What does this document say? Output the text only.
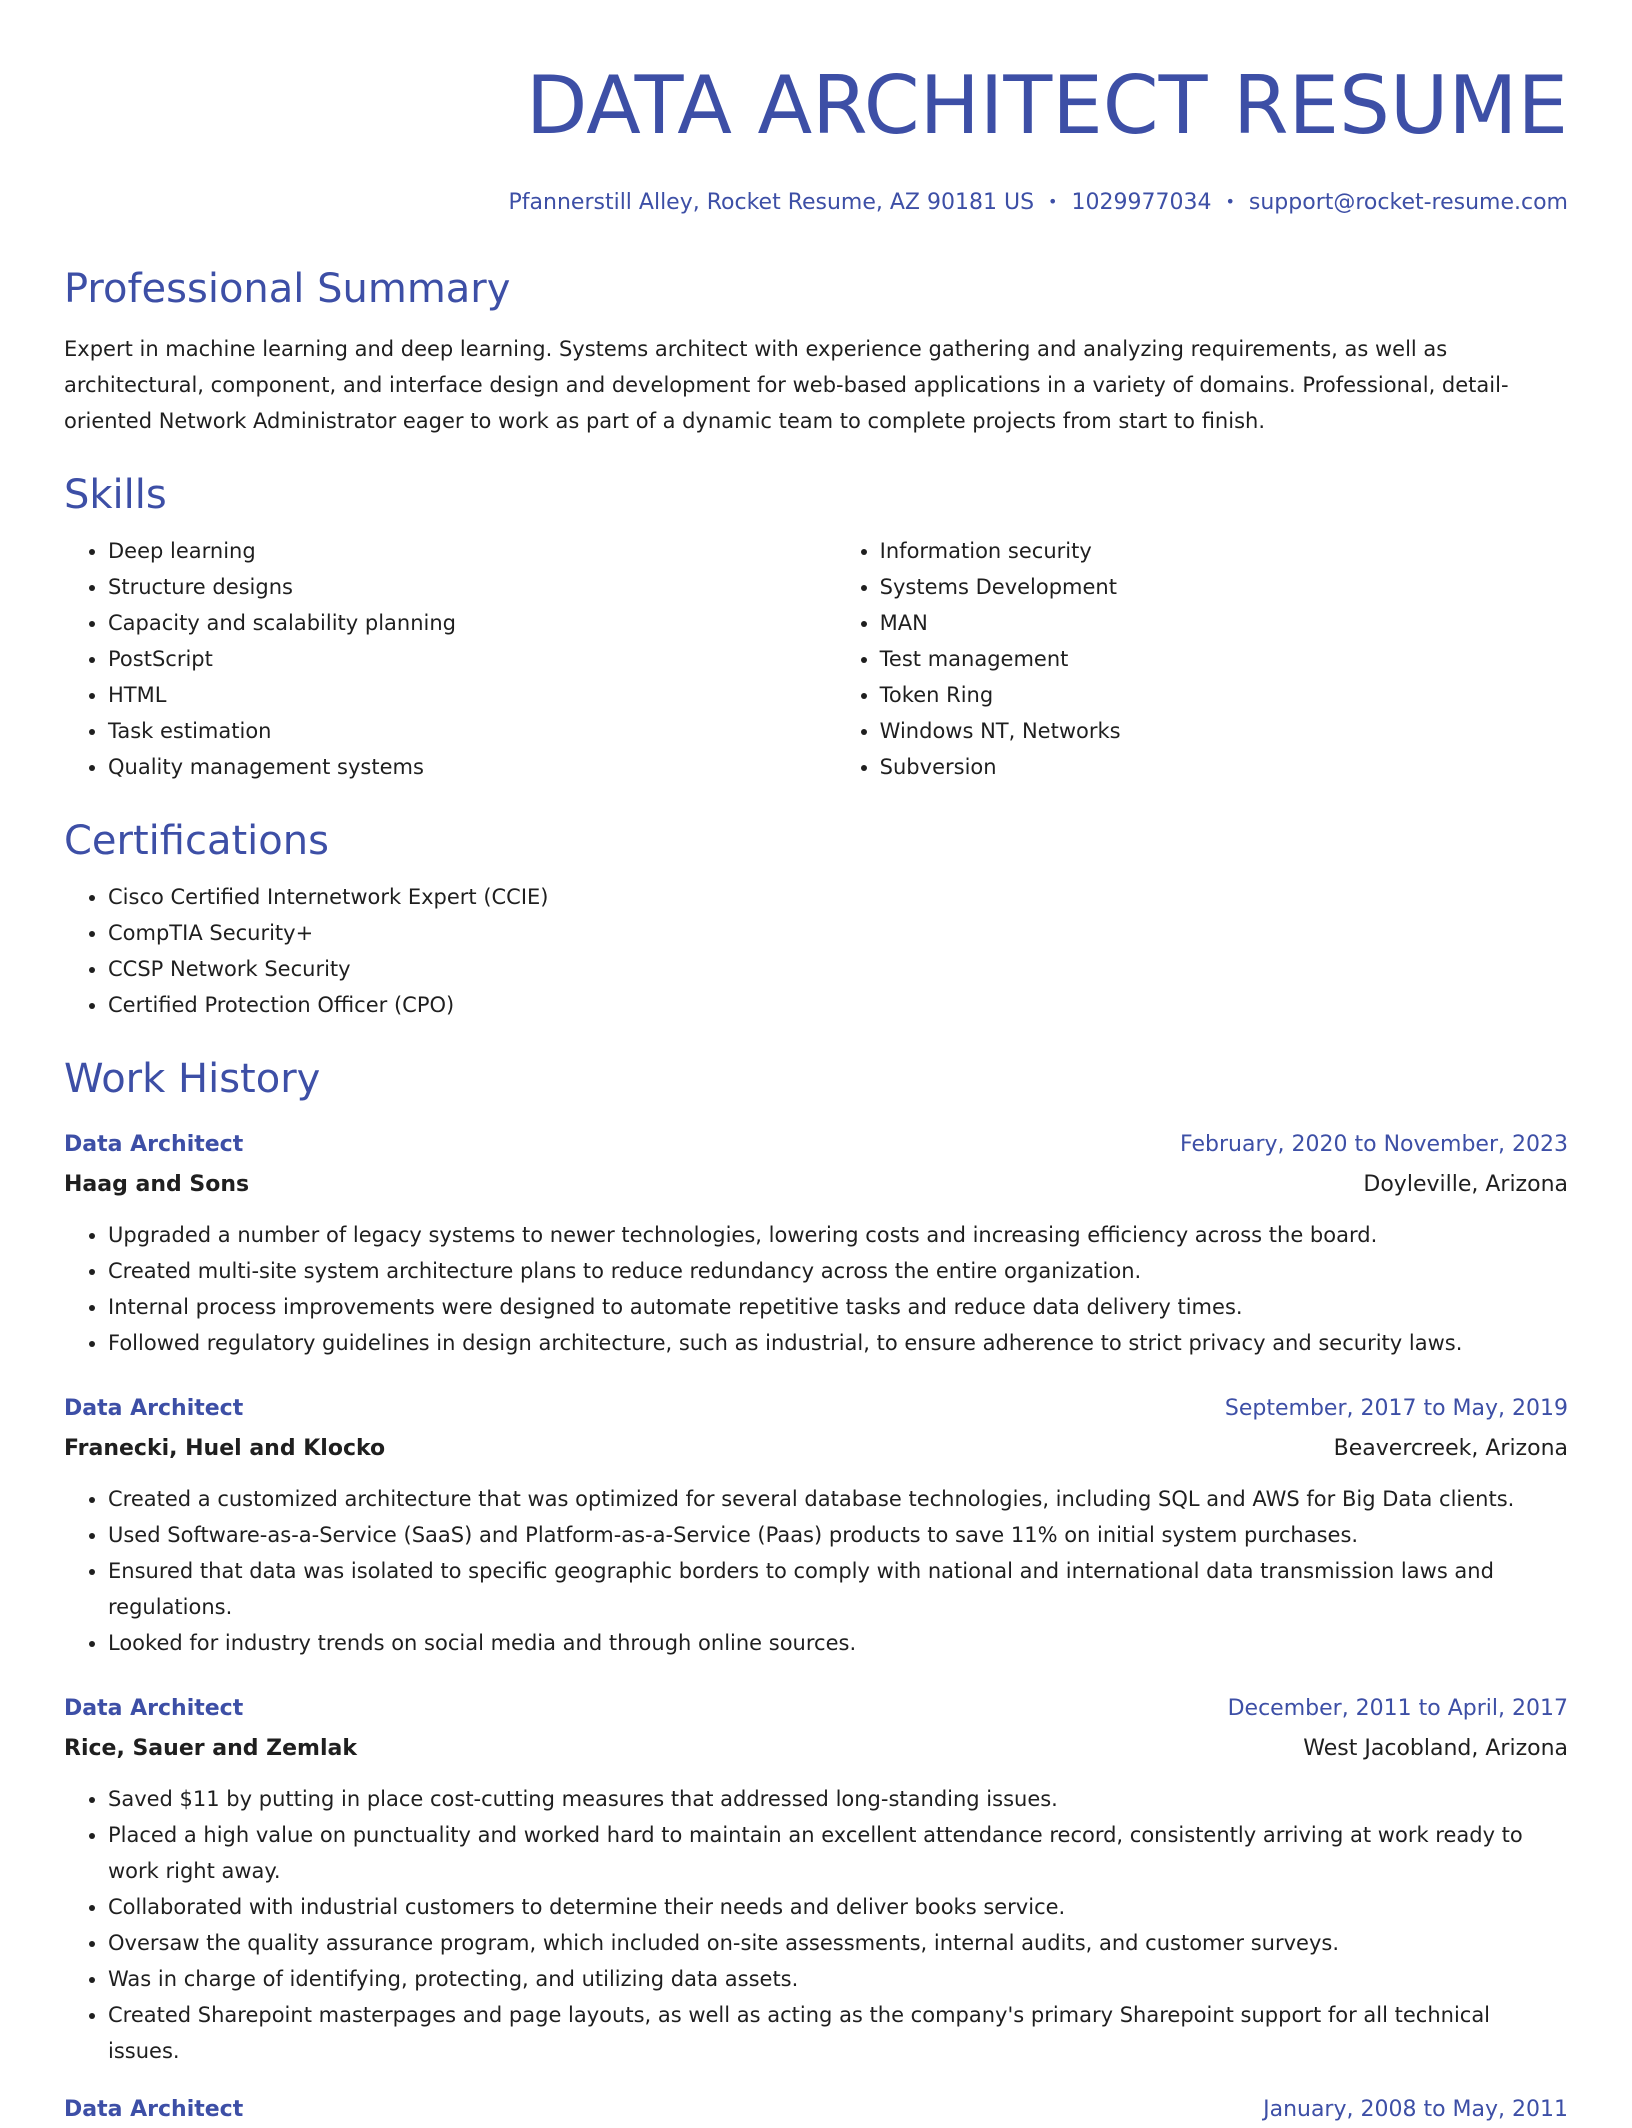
DATA ARCHITECT RESUME
Pfannerstill Alley, Rocket Resume, AZ 90181 US • 1029977034 • support@rocket-resume.com
Professional Summary
Expert in machine learning and deep learning. Systems architect with experience gathering and analyzing requirements, as well as architectural, component, and interface design and development for web-based applications in a variety of domains. Professional, detail-oriented Network Administrator eager to work as part of a dynamic team to complete projects from start to finish.
Skills
• Deep learning
• Structure designs
• Capacity and scalability planning
• PostScript
• HTML
• Task estimation
• Quality management systems
• Information security
• Systems Development
• MAN
• Test management
• Token Ring
• Windows NT, Networks
• Subversion
Certifications
• Cisco Certified Internetwork Expert (CCIE)
• CompTIA Security+
• CCSP Network Security
• Certified Protection Officer (CPO)
Work History
Data Architect	February, 2020 to November, 2023
Haag and Sons	Doyleville, Arizona
• Upgraded a number of legacy systems to newer technologies, lowering costs and increasing efficiency across the board.
• Created multi-site system architecture plans to reduce redundancy across the entire organization.
• Internal process improvements were designed to automate repetitive tasks and reduce data delivery times.
• Followed regulatory guidelines in design architecture, such as industrial, to ensure adherence to strict privacy and security laws.
Data Architect	September, 2017 to May, 2019
Franecki, Huel and Klocko	Beavercreek, Arizona
• Created a customized architecture that was optimized for several database technologies, including SQL and AWS for Big Data clients.
• Used Software-as-a-Service (SaaS) and Platform-as-a-Service (Paas) products to save 11% on initial system purchases.
• Ensured that data was isolated to specific geographic borders to comply with national and international data transmission laws and regulations.
• Looked for industry trends on social media and through online sources.
Data Architect	December, 2011 to April, 2017
Rice, Sauer and Zemlak	West Jacobland, Arizona
• Saved $11 by putting in place cost-cutting measures that addressed long-standing issues.
• Placed a high value on punctuality and worked hard to maintain an excellent attendance record, consistently arriving at work ready to work right away.
• Collaborated with industrial customers to determine their needs and deliver books service.
• Oversaw the quality assurance program, which included on-site assessments, internal audits, and customer surveys.
• Was in charge of identifying, protecting, and utilizing data assets.
• Created Sharepoint masterpages and page layouts, as well as acting as the company's primary Sharepoint support for all technical issues.
Data Architect	January, 2008 to May, 2011
